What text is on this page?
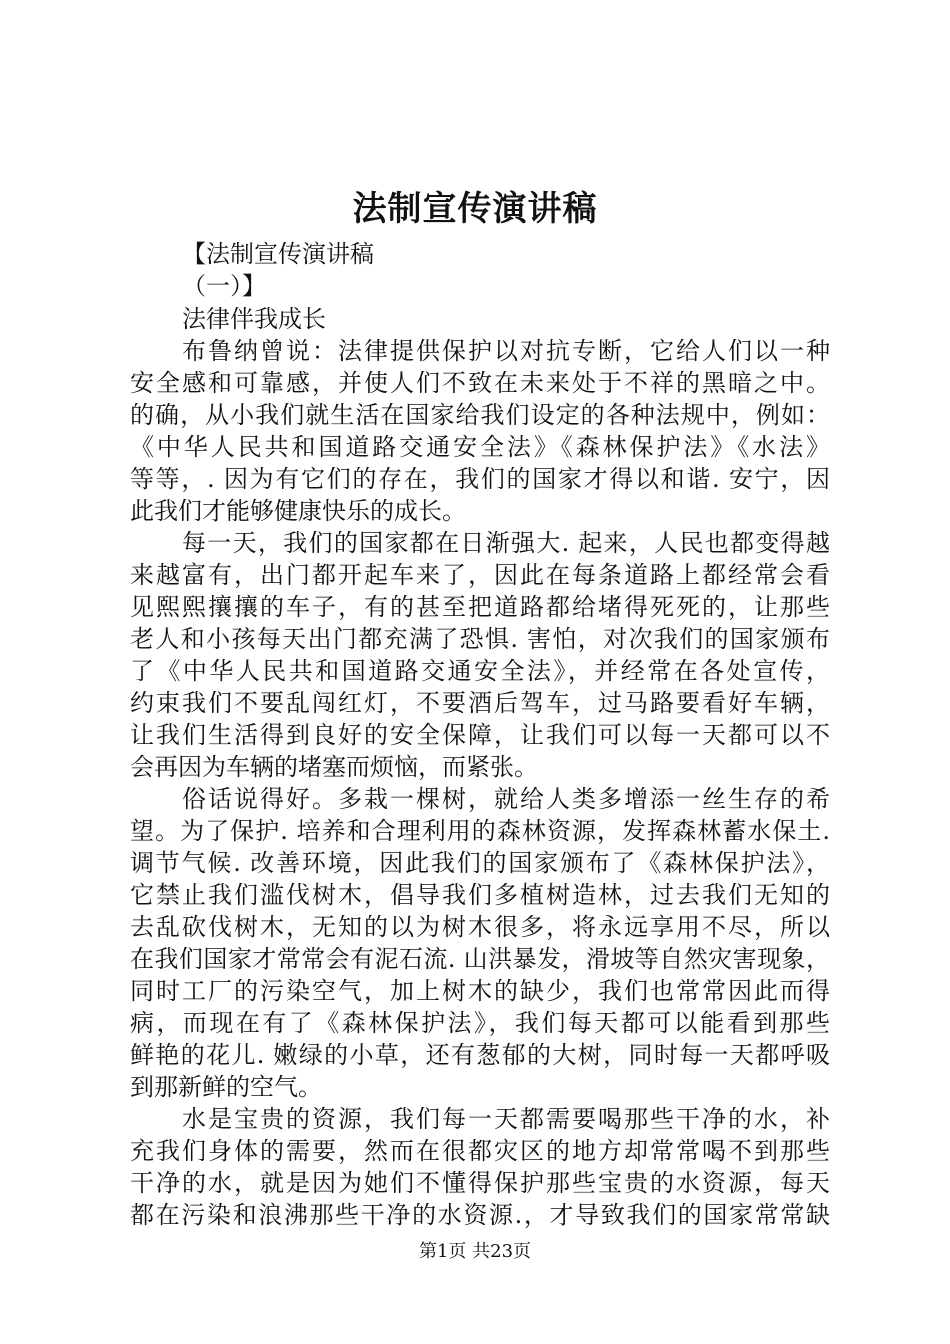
法制宣传演讲稿
【法制宣传演讲稿
（一）】
法律伴我成长
布鲁纳曾说：法律提供保护以对抗专断，它给人们以一种
安全感和可靠感，并使人们不致在未来处于不祥的黑暗之中。
的确，从小我们就生活在国家给我们设定的各种法规中，例如：
《中华人民共和国道路交通安全法》《森林保护法》《水法》
等等，. 因为有它们的存在，我们的国家才得以和谐. 安宁，因
此我们才能够健康快乐的成长。
每一天，我们的国家都在日渐强大. 起来，人民也都变得越
来越富有，出门都开起车来了，因此在每条道路上都经常会看
见熙熙攘攘的车子，有的甚至把道路都给堵得死死的，让那些
老人和小孩每天出门都充满了恐惧. 害怕，对次我们的国家颁布
了《中华人民共和国道路交通安全法》，并经常在各处宣传，
约束我们不要乱闯红灯，不要酒后驾车，过马路要看好车辆，
让我们生活得到良好的安全保障，让我们可以每一天都可以不
会再因为车辆的堵塞而烦恼，而紧张。
俗话说得好。多栽一棵树，就给人类多增添一丝生存的希
望。为了保护. 培养和合理利用的森林资源，发挥森林蓄水保土.
调节气候. 改善环境，因此我们的国家颁布了《森林保护法》，
它禁止我们滥伐树木，倡导我们多植树造林，过去我们无知的
去乱砍伐树木，无知的以为树木很多，将永远享用不尽，所以
在我们国家才常常会有泥石流. 山洪暴发，滑坡等自然灾害现象，
同时工厂的污染空气，加上树木的缺少，我们也常常因此而得
病，而现在有了《森林保护法》，我们每天都可以能看到那些
鲜艳的花儿. 嫩绿的小草，还有葱郁的大树，同时每一天都呼吸
到那新鲜的空气。
水是宝贵的资源，我们每一天都需要喝那些干净的水，补
充我们身体的需要，然而在很都灾区的地方却常常喝不到那些
干净的水，就是因为她们不懂得保护那些宝贵的水资源，每天
都在污染和浪沸那些干净的水资源.，才导致我们的国家常常缺
第1页 共23页
